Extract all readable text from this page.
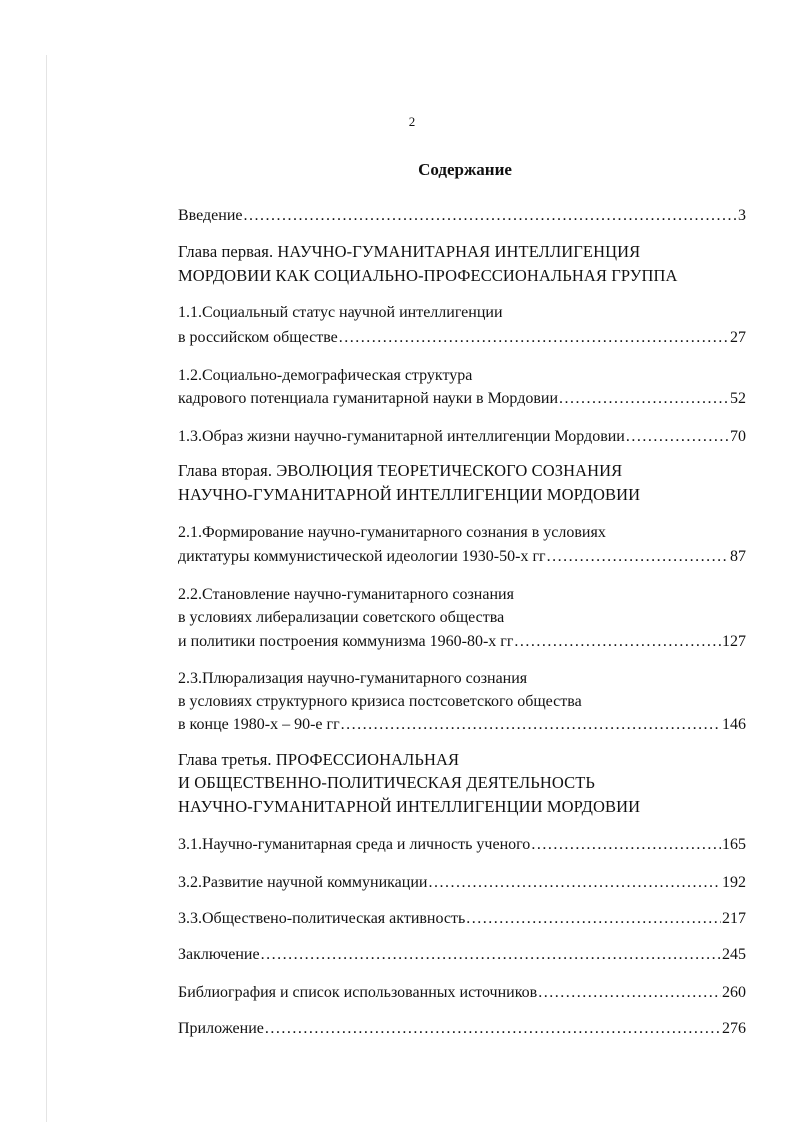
2
Содержание
Введение .....	3
Глава первая. НАУЧНО-ГУМАНИТАРНАЯ ИНТЕЛЛИГЕНЦИЯ
МОРДОВИИ КАК СОЦИАЛЬНО-ПРОФЕССИОНАЛЬНАЯ ГРУППА
1.1.Социальный статус научной интеллигенции
в российском обществе .....	27
1.2.Социально-демографическая структура
кадрового потенциала гуманитарной науки в Мордовии .....	52
1.3.Образ жизни научно-гуманитарной интеллигенции Мордовии .....	70
Глава вторая. ЭВОЛЮЦИЯ ТЕОРЕТИЧЕСКОГО СОЗНАНИЯ
НАУЧНО-ГУМАНИТАРНОЙ ИНТЕЛЛИГЕНЦИИ МОРДОВИИ
2.1.Формирование научно-гуманитарного сознания в условиях
диктатуры коммунистической идеологии 1930-50-х гг .....	87
2.2.Становление научно-гуманитарного сознания
в условиях либерализации советского общества
и политики построения коммунизма 1960-80-х гг .....	127
2.3.Плюрализация научно-гуманитарного сознания
в условиях структурного кризиса постсоветского общества
в конце 1980-х – 90-е гг .....	146
Глава третья. ПРОФЕССИОНАЛЬНАЯ
И ОБЩЕСТВЕННО-ПОЛИТИЧЕСКАЯ ДЕЯТЕЛЬНОСТЬ
НАУЧНО-ГУМАНИТАРНОЙ ИНТЕЛЛИГЕНЦИИ МОРДОВИИ
3.1.Научно-гуманитарная среда и личность ученого .....	165
3.2.Развитие научной коммуникации .....	192
3.3.Общественo-политическая активность .....	217
Заключение .....	245
Библиография и список использованных источников .....	260
Приложение .....	276
